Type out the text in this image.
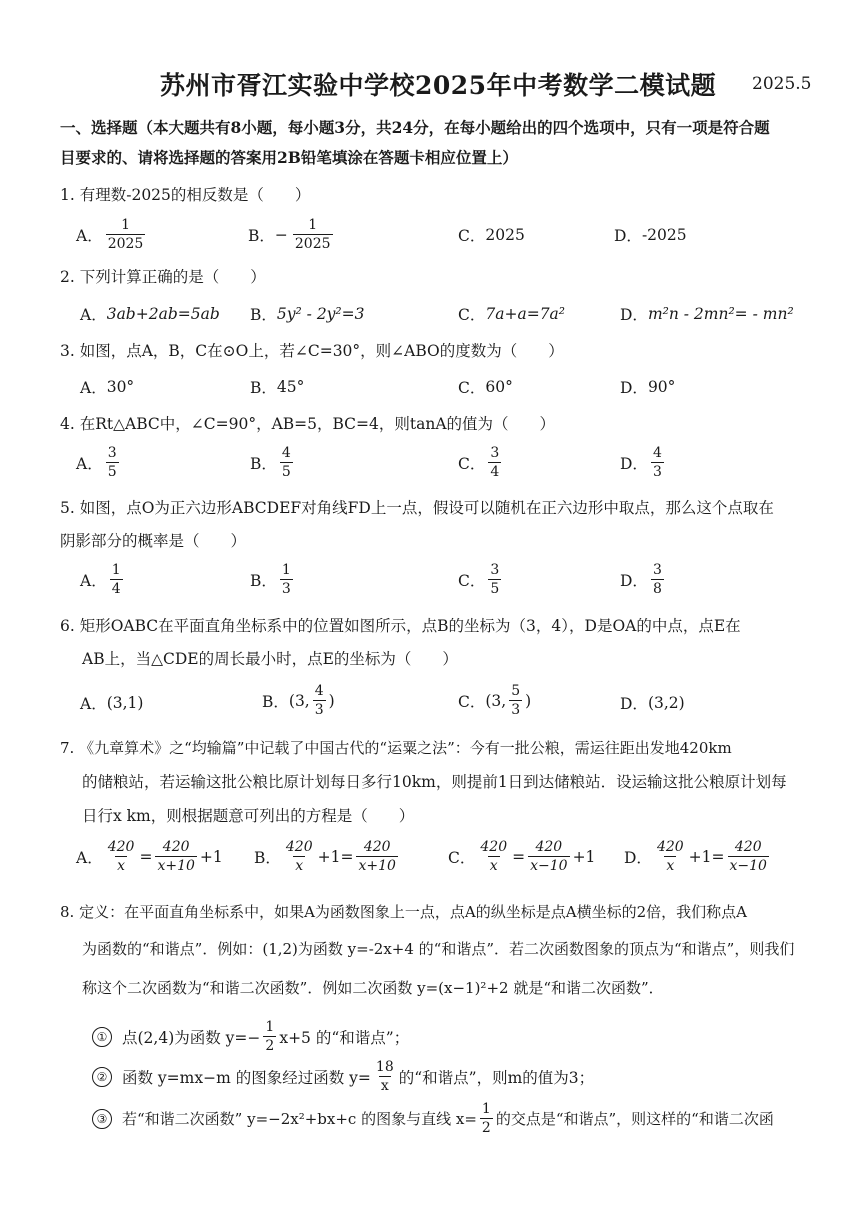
苏州市胥江实验中学校2025年中考数学二模试题 2025.5
一、选择题（本大题共有8小题，每小题3分，共24分，在每小题给出的四个选项中，只有一项是符合题
目要求的、请将选择题的答案用2B铅笔填涂在答题卡相应位置上）
1. 有理数-2025的相反数是（　　）
A． $\frac{1}{2025}$	B． − $\frac{1}{2025}$	C． 2025	D． -2025
2. 下列计算正确的是（　　）
A． 3ab+2ab=5ab B． 5y² - 2y²=3	C． 7a+a=7a²	D． m²n - 2mn²= - mn²
3. 如图，点A，B，C在⊙O上，若∠C=30°，则∠ABO的度数为（　　）
A． 30°	B． 45°	C． 60°	D． 90°
4. 在Rt△ABC中，∠C=90°，AB=5，BC=4，则tanA的值为（　　）
A． $\frac{3}{5}$	B． $\frac{4}{5}$	C． $\frac{3}{4}$	D． $\frac{4}{3}$
5. 如图，点O为正六边形ABCDEF对角线FD上一点，假设可以随机在正六边形中取点，那么这个点取在
阴影部分的概率是（　　）
A． $\frac{1}{4}$	B． $\frac{1}{3}$	C． $\frac{3}{5}$	D． $\frac{3}{8}$
6. 矩形OABC在平面直角坐标系中的位置如图所示，点B的坐标为（3，4），D是OA的中点，点E在
AB上，当△CDE的周长最小时，点E的坐标为（　　）
A． (3,1)	B． (3, $\frac{4}{3}$ )	C． (3, $\frac{5}{3}$ )	D． (3,2)
7. 《九章算术》之“均输篇”中记载了中国古代的“运粟之法”：今有一批公粮，需运往距出发地420km
的储粮站，若运输这批公粮比原计划每日多行10km，则提前1日到达储粮站．设运输这批公粮原计划每
日行x km，则根据题意可列出的方程是（　　）
A． $\frac{420}{x} = \frac{420}{x+10} +1$ B． $\frac{420}{x} +1= \frac{420}{x+10}$	C． $\frac{420}{x} = \frac{420}{x-10} +1$ D． $\frac{420}{x} +1= \frac{420}{x-10}$
8. 定义：在平面直角坐标系中，如果A为函数图象上一点，点A的纵坐标是点A横坐标的2倍，我们称点A
为函数的“和谐点”．例如：(1,2)为函数 y=-2x+4 的“和谐点”．若二次函数图象的顶点为“和谐点”，则我们
称这个二次函数为“和谐二次函数”．例如二次函数 y=(x−1)²+2 就是“和谐二次函数”．
① 点(2,4)为函数 $y=- \frac{1}{2} x+5$ 的“和谐点”；
② 函数 y=mx−m 的图象经过函数 $y= \frac{18}{x}$ 的“和谐点”，则m的值为3；
③ 若“和谐二次函数” y=−2x²+bx+c 的图象与直线 $x= \frac{1}{2}$ 的交点是“和谐点”，则这样的“和谐二次函
